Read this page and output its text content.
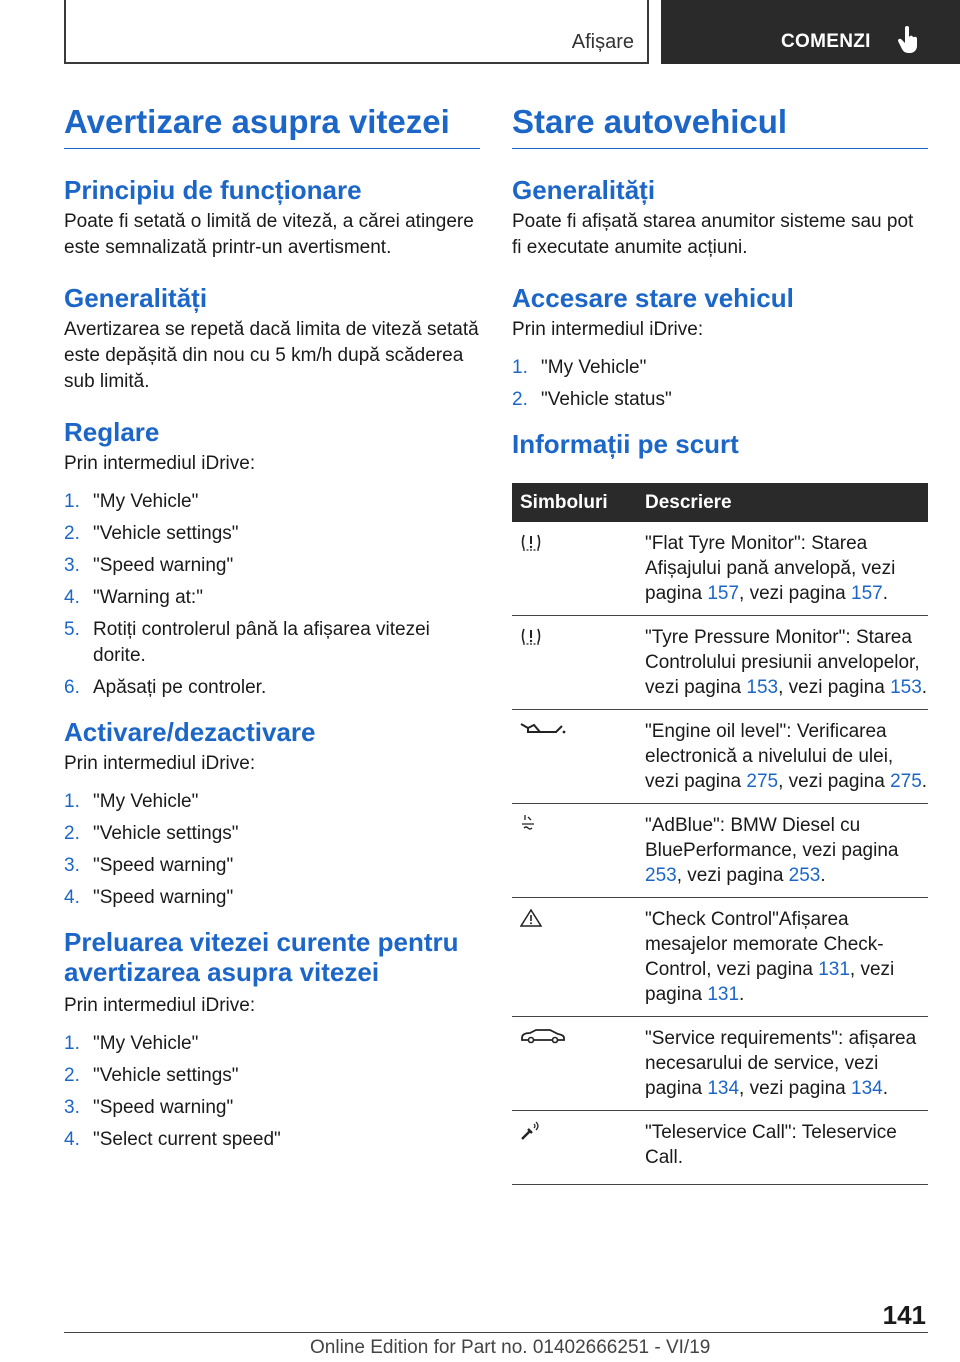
Afișare	COMENZI
Avertizare asupra vitezei
Principiu de funcționare

Poate fi setată o limită de viteză, a cărei atingere este semnalizată printr-un avertisment.

Generalități

Avertizarea se repetă dacă limita de viteză setată este depășită din nou cu 5 km/h după scăderea sub limită.

Reglare

Prin intermediul iDrive:

1. "My Vehicle"
2. "Vehicle settings"
3. "Speed warning"
4. "Warning at:"
5. Rotiți controlerul până la afișarea vitezei dorite.
6. Apăsați pe controler.
Activare/dezactivare

Prin intermediul iDrive:

1. "My Vehicle"
2. "Vehicle settings"
3. "Speed warning"
4. "Speed warning"
Preluarea vitezei curente pentru avertizarea asupra vitezei

Prin intermediul iDrive:

1. "My Vehicle"
2. "Vehicle settings"
3. "Speed warning"
4. "Select current speed"
Stare autovehicul
Generalități

Poate fi afișată starea anumitor sisteme sau pot fi executate anumite acțiuni.

Accesare stare vehicul

Prin intermediul iDrive:

1. "My Vehicle"
2. "Vehicle status"
Informații pe scurt
Simboluri	Descriere
	"Flat Tyre Monitor": Starea Afișajului pană anvelopă, vezi pagina 157, vezi pagina 157.
	"Tyre Pressure Monitor": Starea Controlului presiunii anvelopelor, vezi pagina 153, vezi pagina 153.
	"Engine oil level": Verificarea electronică a nivelului de ulei, vezi pagina 275, vezi pagina 275.
	"AdBlue": BMW Diesel cu BluePerformance, vezi pagina 253, vezi pagina 253.
	"Check Control"Afișarea mesajelor memorate Check-Control, vezi pagina 131, vezi pagina 131.
	"Service requirements": afișarea necesarului de service, vezi pagina 134, vezi pagina 134.
	"Teleservice Call": Teleservice Call.
141
Online Edition for Part no. 01402666251 - VI/19
